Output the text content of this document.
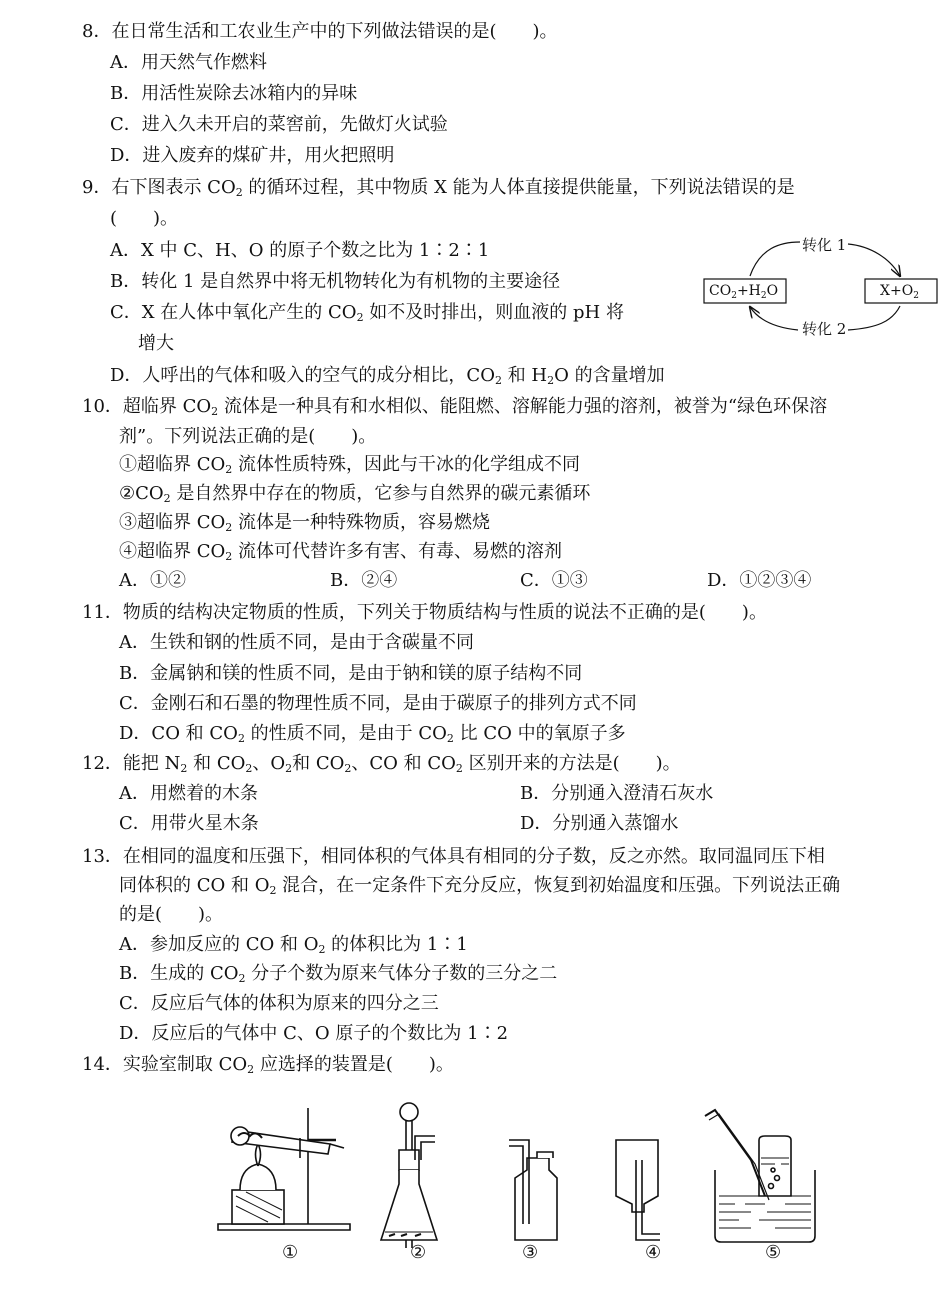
8．在日常生活和工农业生产中的下列做法错误的是(　　)。
A．用天然气作燃料
B．用活性炭除去冰箱内的异味
C．进入久未开启的菜窖前，先做灯火试验
D．进入废弃的煤矿井，用火把照明
9．右下图表示 $CO_2$ 的循环过程，其中物质 X 能为人体直接提供能量，下列说法错误的是
(　　)。
A．X 中 C、H、O 的原子个数之比为 1∶2∶1
B．转化 1 是自然界中将无机物转化为有机物的主要途径
C．X 在人体中氧化产生的 $CO_2$ 如不及时排出，则血液的 pH 将
增大
D．人呼出的气体和吸入的空气的成分相比，$CO_2$ 和 $H_2O$ 的含量增加
$CO_2+H_2O$	$X+O_2$
转化 1
转化 2
10．超临界 $CO_2$ 流体是一种具有和水相似、能阻燃、溶解能力强的溶剂，被誉为“绿色环保溶
剂”。下列说法正确的是(　　)。
①超临界 $CO_2$ 流体性质特殊，因此与干冰的化学组成不同
$②CO_2$ 是自然界中存在的物质，它参与自然界的碳元素循环
③超临界 $CO_2$ 流体是一种特殊物质，容易燃烧
④超临界 $CO_2$ 流体可代替许多有害、有毒、易燃的溶剂
A．①②	B．②④	C．①③	D．①②③④
11．物质的结构决定物质的性质，下列关于物质结构与性质的说法不正确的是(　　)。
A．生铁和钢的性质不同，是由于含碳量不同
B．金属钠和镁的性质不同，是由于钠和镁的原子结构不同
C．金刚石和石墨的物理性质不同，是由于碳原子的排列方式不同
D．CO 和 $CO_2$ 的性质不同，是由于 $CO_2$ 比 CO 中的氧原子多
12．能把 $N_2$ 和 $CO_2$、$O_2$和 $CO_2$、CO 和 $CO_2$ 区别开来的方法是(　　)。
A．用燃着的木条	B．分别通入澄清石灰水
C．用带火星木条	D．分别通入蒸馏水
13．在相同的温度和压强下，相同体积的气体具有相同的分子数，反之亦然。取同温同压下相
同体积的 CO 和 $O_2$ 混合，在一定条件下充分反应，恢复到初始温度和压强。下列说法正确
的是(　　)。
A．参加反应的 CO 和 $O_2$ 的体积比为 1∶1
B．生成的 $CO_2$ 分子个数为原来气体分子数的三分之二
C．反应后气体的体积为原来的四分之三
D．反应后的气体中 C、O 原子的个数比为 1∶2
14．实验室制取 $CO_2$ 应选择的装置是(　　)。
①	②	③	④	⑤
